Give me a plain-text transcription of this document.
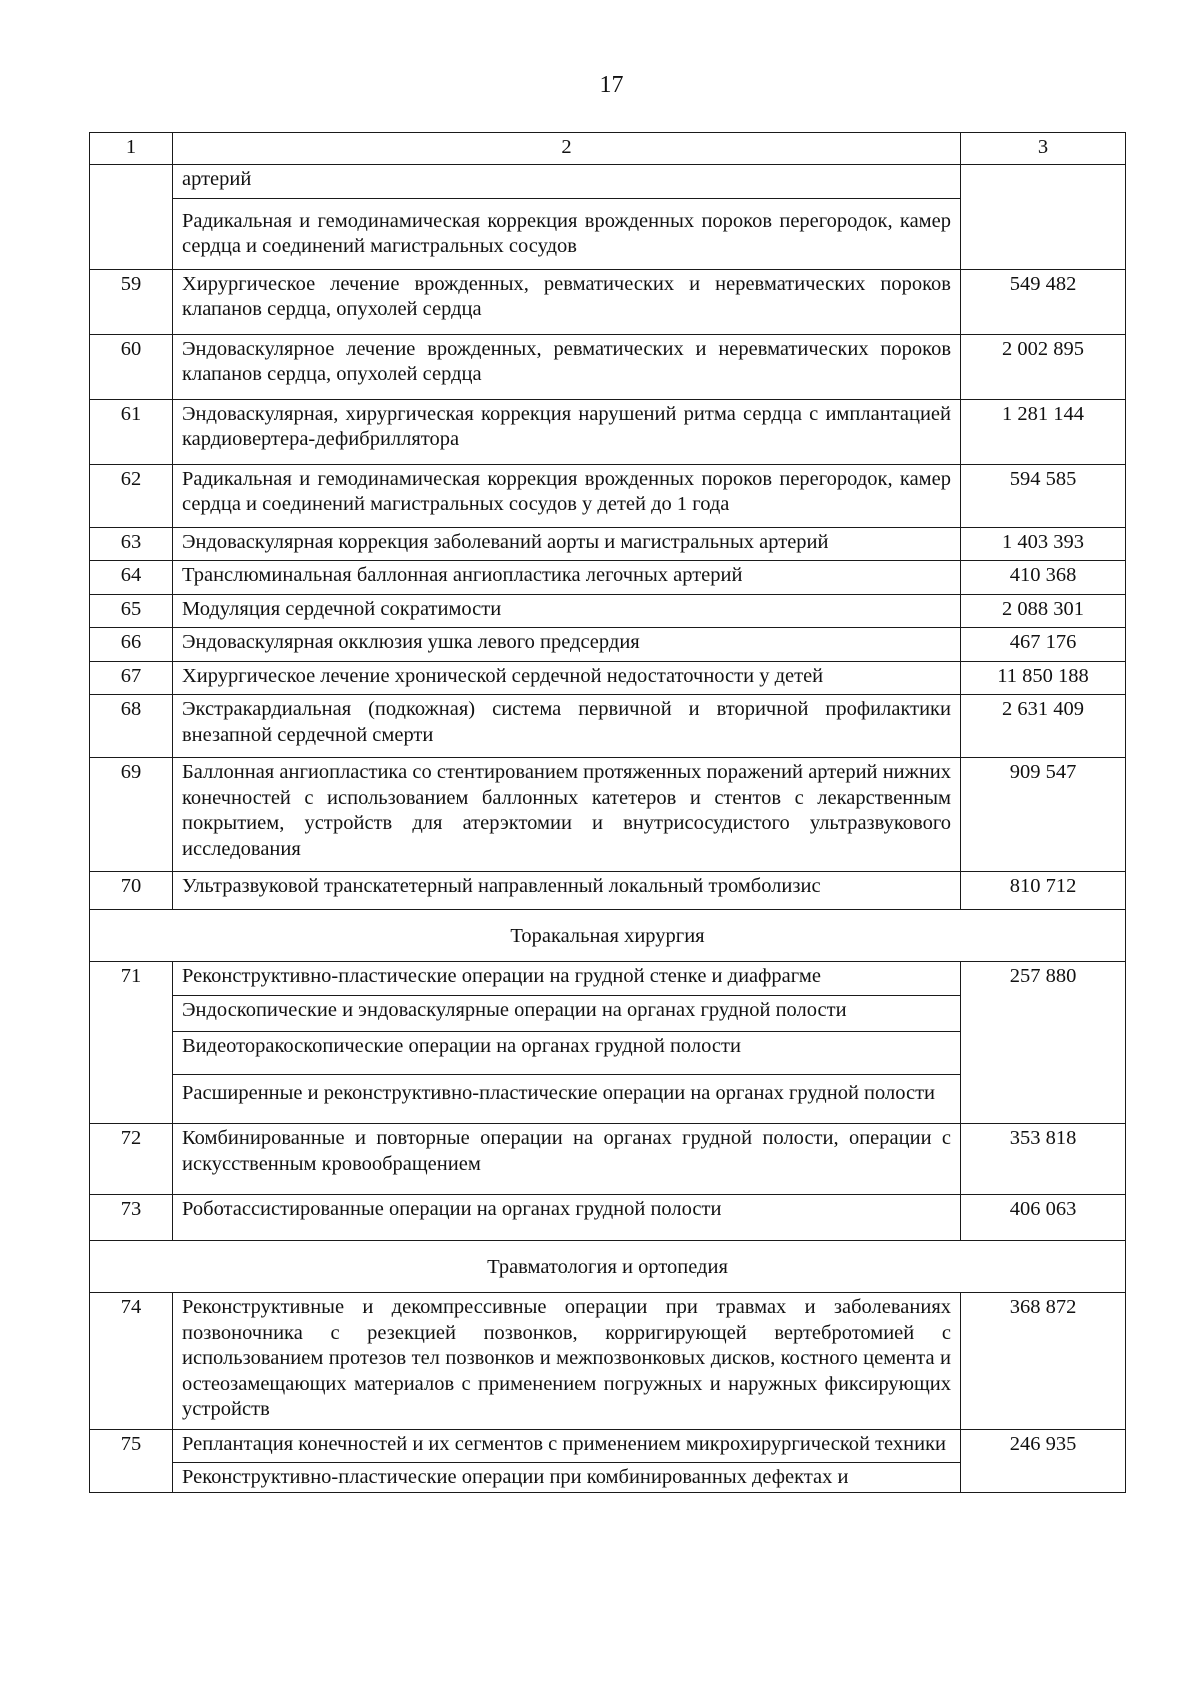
17
1	2	3
	артерий	
	Радикальная и гемодинамическая коррекция врожденных пороков перегородок, камер сердца и соединений магистральных сосудов	
59	Хирургическое лечение врожденных, ревматических и неревматических пороков клапанов сердца, опухолей сердца	549 482
60	Эндоваскулярное лечение врожденных, ревматических и неревматических пороков клапанов сердца, опухолей сердца	2 002 895
61	Эндоваскулярная, хирургическая коррекция нарушений ритма сердца с имплантацией кардиовертера-дефибриллятора	1 281 144
62	Радикальная и гемодинамическая коррекция врожденных пороков перегородок, камер сердца и соединений магистральных сосудов у детей до 1 года	594 585
63	Эндоваскулярная коррекция заболеваний аорты и магистральных артерий	1 403 393
64	Транслюминальная баллонная ангиопластика легочных артерий	410 368
65	Модуляция сердечной сократимости	2 088 301
66	Эндоваскулярная окклюзия ушка левого предсердия	467 176
67	Хирургическое лечение хронической сердечной недостаточности у детей	11 850 188
68	Экстракардиальная (подкожная) система первичной и вторичной профилактики внезапной сердечной смерти	2 631 409
69	Баллонная ангиопластика со стентированием протяженных поражений артерий нижних конечностей с использованием баллонных катетеров и стентов с лекарственным покрытием, устройств для атерэктомии и внутрисосудистого ультразвукового исследования	909 547
70	Ультразвуковой транскатетерный направленный локальный тромболизис	810 712
Торакальная хирургия		
71	Реконструктивно-пластические операции на грудной стенке и диафрагме	257 880
	Эндоскопические и эндоваскулярные операции на органах грудной полости	
	Видеоторакоскопические операции на органах грудной полости	
	Расширенные и реконструктивно-пластические операции на органах грудной полости	
72	Комбинированные и повторные операции на органах грудной полости, операции с искусственным кровообращением	353 818
73	Роботассистированные операции на органах грудной полости	406 063
Травматология и ортопедия		
74	Реконструктивные и декомпрессивные операции при травмах и заболеваниях позвоночника с резекцией позвонков, корригирующей вертебротомией с использованием протезов тел позвонков и межпозвонковых дисков, костного цемента и остеозамещающих материалов с применением погружных и наружных фиксирующих устройств	368 872
75	Реплантация конечностей и их сегментов с применением микрохирургической техники	246 935
	Реконструктивно-пластические операции при комбинированных дефектах и	
